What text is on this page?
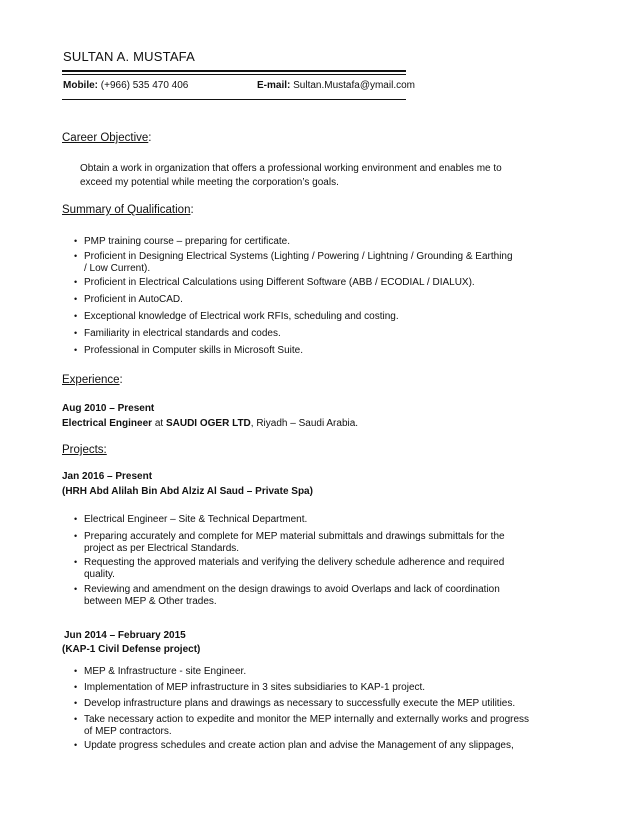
SULTAN A. MUSTAFA
Mobile: (+966) 535 470 406	E-mail: Sultan.Mustafa@ymail.com
Career Objective:
Obtain a work in organization that offers a professional working environment and enables me to
exceed my potential while meeting the corporation’s goals.
Summary of Qualification:
• PMP training course – preparing for certificate.
• Proficient in Designing Electrical Systems (Lighting / Powering / Lightning / Grounding & Earthing
/ Low Current).
• Proficient in Electrical Calculations using Different Software (ABB / ECODIAL / DIALUX).
• Proficient in AutoCAD.
• Exceptional knowledge of Electrical work RFIs, scheduling and costing.
• Familiarity in electrical standards and codes.
• Professional in Computer skills in Microsoft Suite.
Experience:
Aug 2010 – Present
Electrical Engineer at SAUDI OGER LTD, Riyadh – Saudi Arabia.
Projects:
Jan 2016 – Present
(HRH Abd Alilah Bin Abd Alziz Al Saud – Private Spa)
• Electrical Engineer – Site & Technical Department.
• Preparing accurately and complete for MEP material submittals and drawings submittals for the
project as per Electrical Standards.
• Requesting the approved materials and verifying the delivery schedule adherence and required
quality.
• Reviewing and amendment on the design drawings to avoid Overlaps and lack of coordination
between MEP & Other trades.
Jun 2014 – February 2015
(KAP-1 Civil Defense project)
• MEP & Infrastructure - site Engineer.
• Implementation of MEP infrastructure in 3 sites subsidiaries to KAP-1 project.
• Develop infrastructure plans and drawings as necessary to successfully execute the MEP utilities.
• Take necessary action to expedite and monitor the MEP internally and externally works and progress
of MEP contractors.
• Update progress schedules and create action plan and advise the Management of any slippages,
